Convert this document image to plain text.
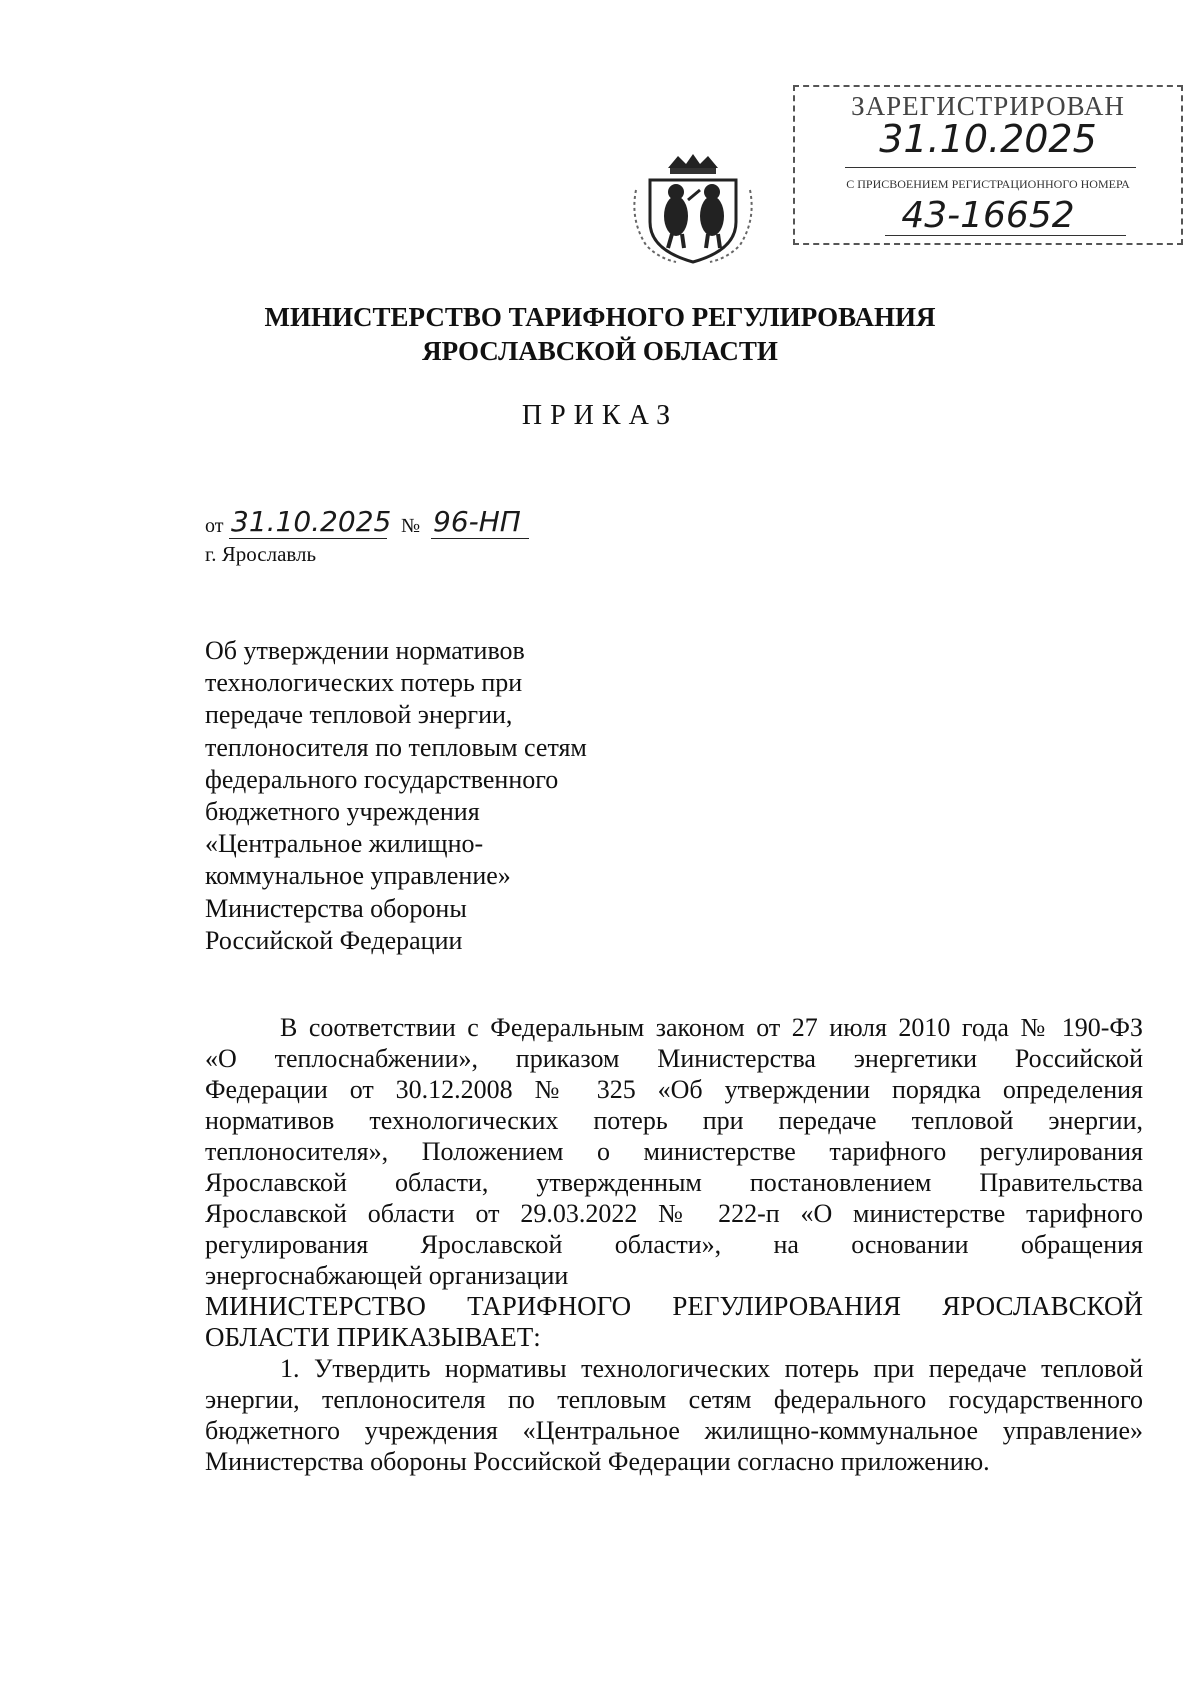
ЗАРЕГИСТРИРОВАН
31.10.2025
С ПРИСВОЕНИЕМ РЕГИСТРАЦИОННОГО НОМЕРА
43-16652
МИНИСТЕРСТВО ТАРИФНОГО РЕГУЛИРОВАНИЯ
ЯРОСЛАВСКОЙ ОБЛАСТИ
ПРИКАЗ
от 31.10.2025 № 96-НП
г. Ярославль
Об утверждении нормативов
технологических потерь при
передаче тепловой энергии,
теплоносителя по тепловым сетям
федерального государственного
бюджетного учреждения
«Центральное жилищно-
коммунальное управление»
Министерства обороны
Российской Федерации
В соответствии с Федеральным законом от 27 июля 2010 года № 190-ФЗ
«О теплоснабжении», приказом Министерства энергетики Российской
Федерации от 30.12.2008 № 325 «Об утверждении порядка определения
нормативов технологических потерь при передаче тепловой энергии,
теплоносителя», Положением о министерстве тарифного регулирования
Ярославской области, утвержденным постановлением Правительства
Ярославской области от 29.03.2022 № 222-п «О министерстве тарифного
регулирования Ярославской области», на основании обращения
энергоснабжающей организации
МИНИСТЕРСТВО ТАРИФНОГО РЕГУЛИРОВАНИЯ ЯРОСЛАВСКОЙ
ОБЛАСТИ ПРИКАЗЫВАЕТ:
1. Утвердить нормативы технологических потерь при передаче тепловой
энергии, теплоносителя по тепловым сетям федерального государственного
бюджетного учреждения «Центральное жилищно-коммунальное управление»
Министерства обороны Российской Федерации согласно приложению.
